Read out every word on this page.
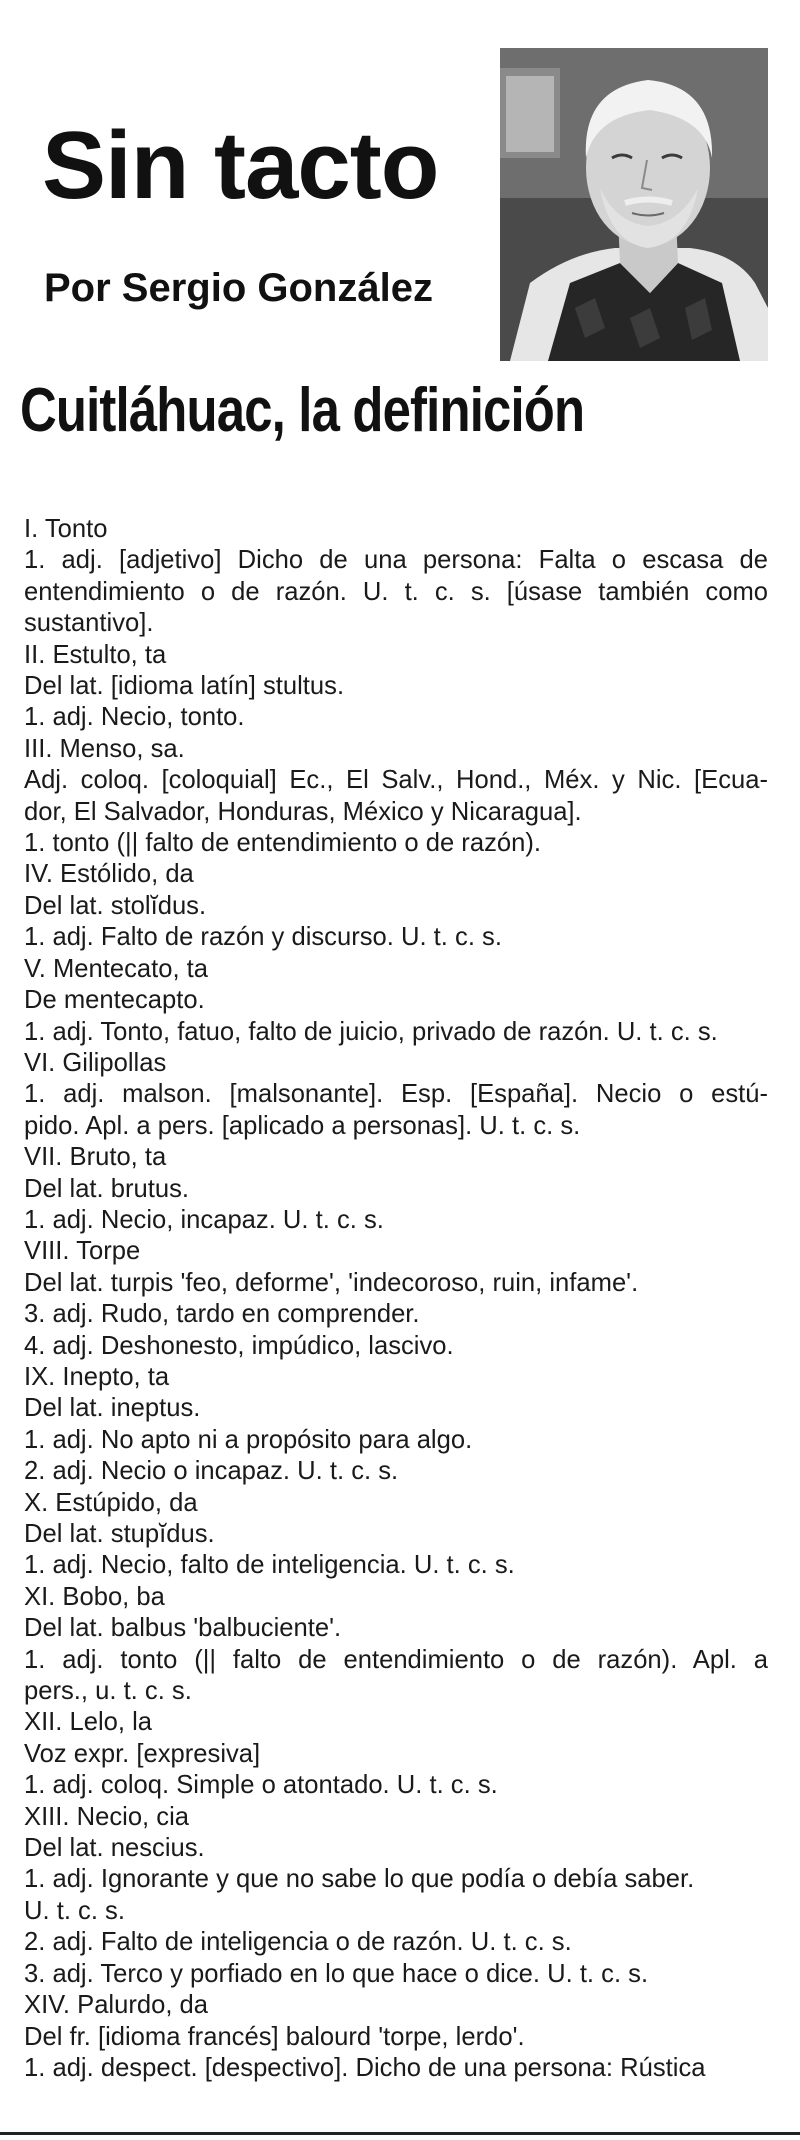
Sin tacto
Por Sergio González
Cuitláhuac, la definición
I. Tonto
1. adj. [adjetivo] Dicho de una persona: Falta o escasa de
entendimiento o de razón. U. t. c. s. [úsase también como
sustantivo].
II. Estulto, ta
Del lat. [idioma latín] stultus.
1. adj. Necio, tonto.
III. Menso, sa.
Adj. coloq. [coloquial] Ec., El Salv., Hond., Méx. y Nic. [Ecua-
dor, El Salvador, Honduras, México y Nicaragua].
1. tonto (|| falto de entendimiento o de razón).
IV. Estólido, da
Del lat. stolĭdus.
1. adj. Falto de razón y discurso. U. t. c. s.
V. Mentecato, ta
De mentecapto.
1. adj. Tonto, fatuo, falto de juicio, privado de razón. U. t. c. s.
VI. Gilipollas
1. adj. malson. [malsonante]. Esp. [España]. Necio o estú-
pido. Apl. a pers. [aplicado a personas]. U. t. c. s.
VII. Bruto, ta
Del lat. brutus.
1. adj. Necio, incapaz. U. t. c. s.
VIII. Torpe
Del lat. turpis 'feo, deforme', 'indecoroso, ruin, infame'.
3. adj. Rudo, tardo en comprender.
4. adj. Deshonesto, impúdico, lascivo.
IX. Inepto, ta
Del lat. ineptus.
1. adj. No apto ni a propósito para algo.
2. adj. Necio o incapaz. U. t. c. s.
X. Estúpido, da
Del lat. stupĭdus.
1. adj. Necio, falto de inteligencia. U. t. c. s.
XI. Bobo, ba
Del lat. balbus 'balbuciente'.
1. adj. tonto (|| falto de entendimiento o de razón). Apl. a
pers., u. t. c. s.
XII. Lelo, la
Voz expr. [expresiva]
1. adj. coloq. Simple o atontado. U. t. c. s.
XIII. Necio, cia
Del lat. nescius.
1. adj. Ignorante y que no sabe lo que podía o debía saber.
U. t. c. s.
2. adj. Falto de inteligencia o de razón. U. t. c. s.
3. adj. Terco y porfiado en lo que hace o dice. U. t. c. s.
XIV. Palurdo, da
Del fr. [idioma francés] balourd 'torpe, lerdo'.
1. adj. despect. [despectivo]. Dicho de una persona: Rústica
